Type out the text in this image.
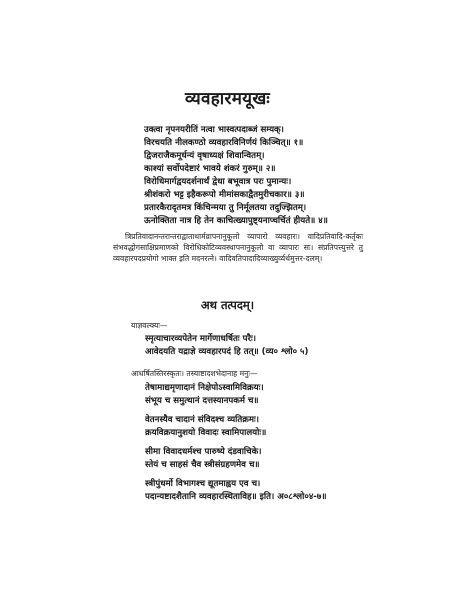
व्यवहारमयूखः
उक्त्वा नृपनयरीतिं नत्वा भास्वत्पदाब्जं सम्यक्।
विरचयति नीलकण्ठो व्यवहारविनिर्णयं किञ्चित्॥ १॥
द्विजराजैकमूर्धन्यं वृषाध्यक्षं शिवान्वितम्।
काश्यां सर्वोपदेष्टारं भावये शंकरं गुरुम्॥ २॥
विरोधिमार्गद्वयदर्शनार्थं द्वेधा बभूवात्र परः पुमान्यः।
श्रीशंकरो भट्ट इहैकरूपो मीमांसकाद्वैतमुरीचकार॥ ३॥
प्रतारकैरादृतमत्र किंचिन्मया तु निर्मूलतया तदुज्झितम्।
ऊनोक्तिता नात्र हि तेन काचित्ख्यापुष्ट्यनाप्चर्चितं हीयते॥ ४॥

त्रिप्रतिवादानन्तरान्तराद्वाताथार्मव्रापनानुकूलो व्यापारो व्यवहारः। वादिप्रतिवादि-कर्तृकः संभवद्धोगसाक्षिप्रमाणको विरोधिकोटिव्यवस्थापनानुकूलो वा व्यापारः सः। संप्रतिपत्त्युत्तरे तु व्यवहारपदप्रयोगो भाक्त इति मदनरत्ने। वादिवतिपादादिव्याख्युर्व्यर्थमुत्तर-दलम्।

अथ तत्पदम्।
याज्ञवल्क्यः—
स्मृत्याचारव्यपेतेन मार्गेणाधर्षितः परैः।
आवेदयति यद्राज्ञे व्यवहारपदं हि तत्॥ (व्य० श्लो० ५)
आधर्षितस्तिरस्कृतः। तस्याष्टादशभेदानाह मनुः—
तेषामाद्यमृणादानं निक्षेपोऽस्वामिविक्रयः।
संभूय च समुत्थानं दत्तस्यानपकर्म च॥
वेतनस्यैव चादानं संविदश्च व्यतिक्रमः।
क्रयविक्रयानुशयो विवादः स्वामिपालयोः॥
सीमा विवादधर्मश्च पारुष्ये दंडवाचिके।
स्तेयं च साहसं चैव स्त्रीसंग्रहणमेव च॥
स्त्रीपुंधर्मो विभागश्च द्यूतमाह्वय एव च।
पदान्यष्टादशैतानि व्यवहारस्थिताविह॥ इति। अ०८श्लो०४-७॥
